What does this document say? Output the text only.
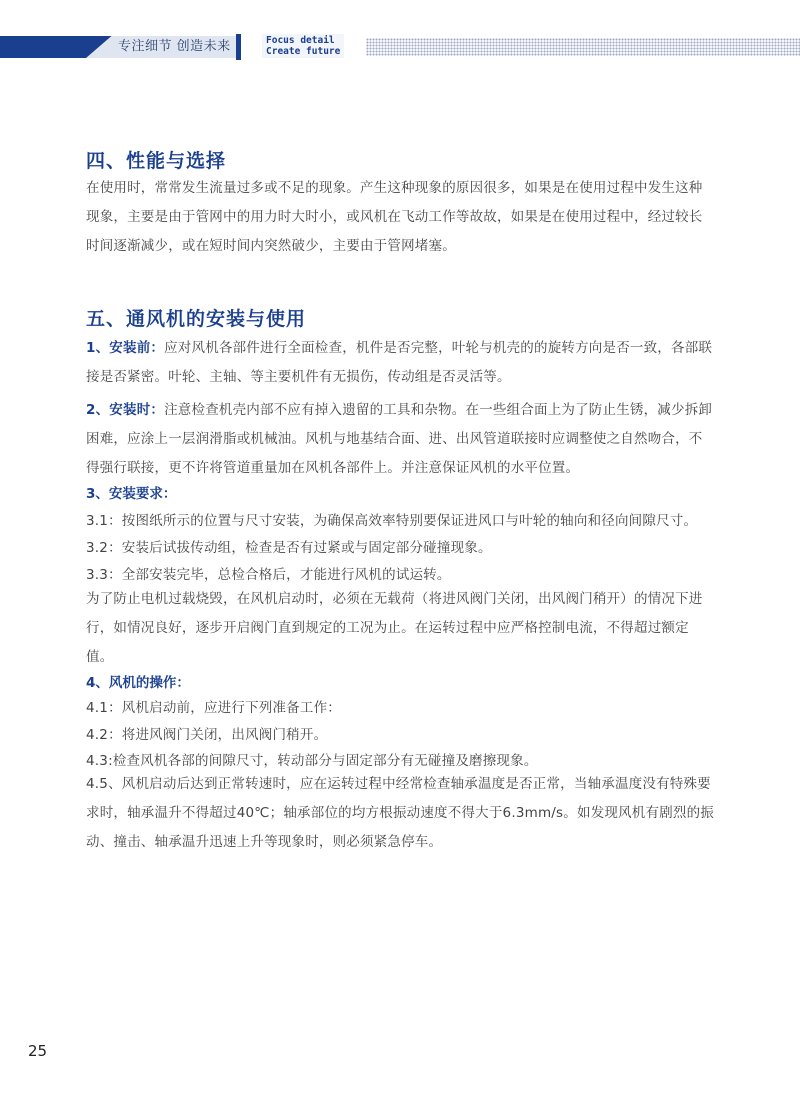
专注细节 创造未来	Focus detail
Create future
四、性能与选择

在使用时，常常发生流量过多或不足的现象。产生这种现象的原因很多，如果是在使用过程中发生这种现象，主要是由于管网中的用力时大时小，或风机在飞动工作等故故，如果是在使用过程中，经过较长时间逐渐减少，或在短时间内突然破少，主要由于管网堵塞。

五、通风机的安装与使用

1、安装前：应对风机各部件进行全面检查，机件是否完整，叶轮与机壳的的旋转方向是否一致，各部联接是否紧密。叶轮、主轴、等主要机件有无损伤，传动组是否灵活等。

2、安装时：注意检查机壳内部不应有掉入遗留的工具和杂物。在一些组合面上为了防止生锈，减少拆卸困难，应涂上一层润滑脂或机械油。风机与地基结合面、进、出风管道联接时应调整使之自然吻合，不得强行联接，更不许将管道重量加在风机各部件上。并注意保证风机的水平位置。

3、安装要求：

3.1：按图纸所示的位置与尺寸安装，为确保高效率特别要保证进风口与叶轮的轴向和径向间隙尺寸。

3.2：安装后试拔传动组，检查是否有过紧或与固定部分碰撞现象。

3.3：全部安装完毕，总检合格后，才能进行风机的试运转。

为了防止电机过载烧毁，在风机启动时，必须在无载荷（将进风阀门关闭，出风阀门稍开）的情况下进行，如情况良好，逐步开启阀门直到规定的工况为止。在运转过程中应严格控制电流，不得超过额定值。

4、风机的操作：

4.1：风机启动前，应进行下列准备工作：

4.2：将进风阀门关闭，出风阀门稍开。

4.3:检查风机各部的间隙尺寸，转动部分与固定部分有无碰撞及磨擦现象。

4.5、风机启动后达到正常转速时，应在运转过程中经常检查轴承温度是否正常，当轴承温度没有特殊要求时，轴承温升不得超过40℃；轴承部位的均方根振动速度不得大于6.3mm/s。如发现风机有剧烈的振动、撞击、轴承温升迅速上升等现象时，则必须紧急停车。

25
